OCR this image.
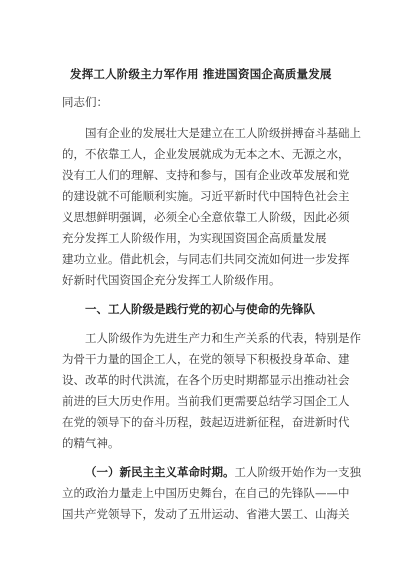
发挥工人阶级主力军作用 推进国资国企高质量发展
同志们：
国有企业的发展壮大是建立在工人阶级拼搏奋斗基础上
的，不依靠工人，企业发展就成为无本之木、无源之水，
没有工人们的理解、支持和参与，国有企业改革发展和党
的建设就不可能顺利实施。习近平新时代中国特色社会主
义思想鲜明强调，必须全心全意依靠工人阶级，因此必须
充分发挥工人阶级作用，为实现国资国企高质量发展
建功立业。借此机会，与同志们共同交流如何进一步发挥
好新时代国资国企充分发挥工人阶级作用。
一、工人阶级是践行党的初心与使命的先锋队
工人阶级作为先进生产力和生产关系的代表，特别是作
为骨干力量的国企工人，在党的领导下积极投身革命、建
设、改革的时代洪流，在各个历史时期都显示出推动社会
前进的巨大历史作用。当前我们更需要总结学习国企工人
在党的领导下的奋斗历程，鼓起迈进新征程，奋进新时代
的精气神。
（一）新民主主义革命时期。工人阶级开始作为一支独
立的政治力量走上中国历史舞台，在自己的先锋队——中
国共产党领导下，发动了五卅运动、省港大罢工、山海关
